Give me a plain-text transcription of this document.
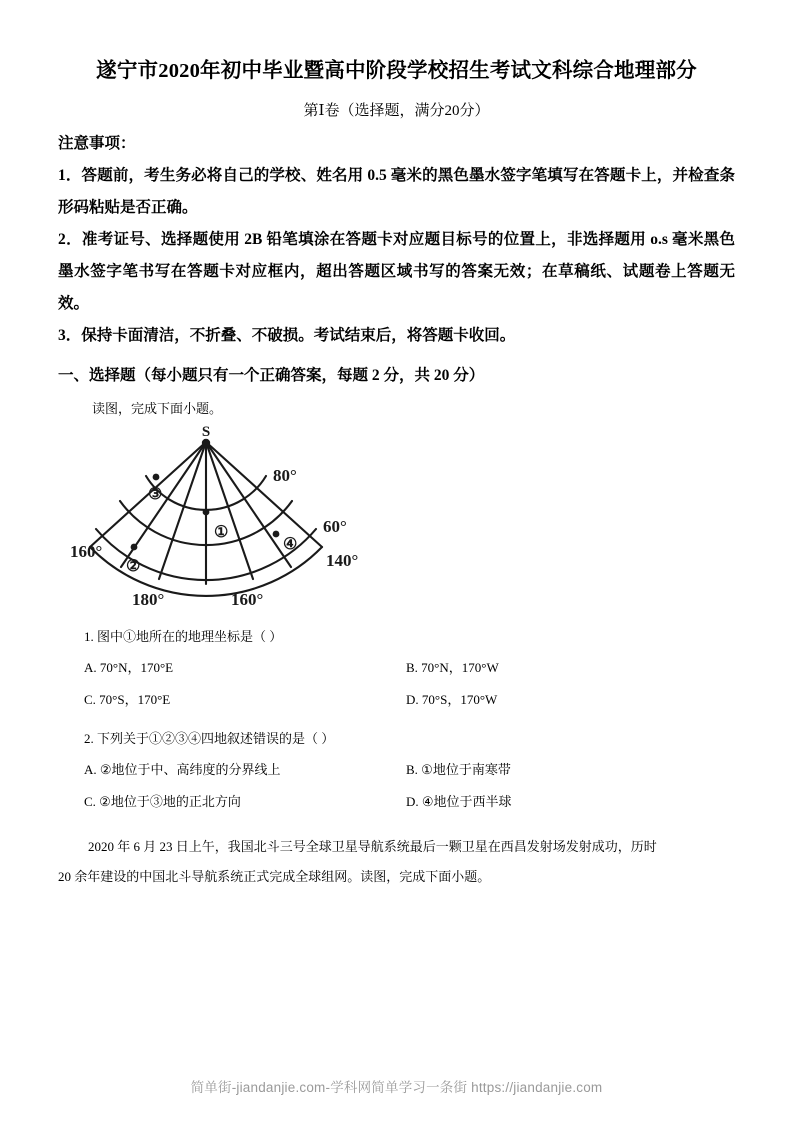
遂宁市2020年初中毕业暨高中阶段学校招生考试文科综合地理部分
第Ⅰ卷（选择题，满分20分）
注意事项：

1．答题前，考生务必将自己的学校、姓名用 0.5 毫米的黑色墨水签字笔填写在答题卡上，并检查条形码粘贴是否正确。

2．准考证号、选择题使用 2B 铅笔填涂在答题卡对应题目标号的位置上，非选择题用 o.s 毫米黑色墨水签字笔书写在答题卡对应框内，超出答题区域书写的答案无效；在草稿纸、试题卷上答题无效。

3．保持卡面清洁，不折叠、不破损。考试结束后，将答题卡收回。

一、选择题（每小题只有一个正确答案，每题 2 分，共 20 分）
读图，完成下面小题。
S
80°
60°
160°
180°	160°
140°
①
②
③
④
1. 图中①地所在的地理坐标是（ ）
A. 70°N，170°E	B. 70°N，170°W
C. 70°S，170°E	D. 70°S，170°W
2. 下列关于①②③④四地叙述错误的是（ ）
A. ②地位于中、高纬度的分界线上	B. ①地位于南寒带
C. ②地位于③地的正北方向	D. ④地位于西半球
2020 年 6 月 23 日上午，我国北斗三号全球卫星导航系统最后一颗卫星在西昌发射场发射成功，历时
20 余年建设的中国北斗导航系统正式完成全球组网。读图，完成下面小题。
简单街-jiandanjie.com-学科网简单学习一条街 https://jiandanjie.com
